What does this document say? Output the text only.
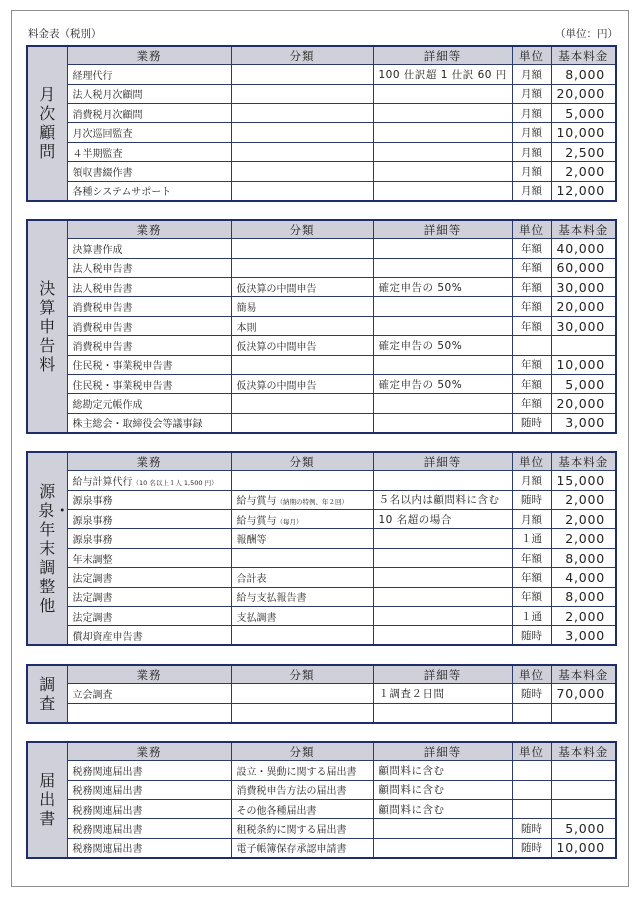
料金表（税別）	（単位：円）
月次顧問	業務	分類	詳細等	単位	基本料金
	経理代行		100 仕訳超 1 仕訳 60 円	月額	8,000
	法人税月次顧問			月額	20,000
	消費税月次顧問			月額	5,000
	月次巡回監査			月額	10,000
	４半期監査			月額	2,500
	領収書綴作書			月額	2,000
	各種システムサポート			月額	12,000
決算申告料	業務	分類	詳細等	単位	基本料金
	決算書作成			年額	40,000
	法人税申告書			年額	60,000
	法人税申告書	仮決算の中間申告	確定申告の 50%	年額	30,000
	消費税申告書	簡易		年額	20,000
	消費税申告書	本則		年額	30,000
	消費税申告書	仮決算の中間申告	確定申告の 50%		
	住民税・事業税申告書			年額	10,000
	住民税・事業税申告書	仮決算の中間申告	確定申告の 50%	年額	5,000
	総勘定元帳作成			年額	20,000
	株主総会・取締役会等議事録			随時	3,000
源泉・年末調整他	業務	分類	詳細等	単位	基本料金
	給与計算代行（10 名以上１人 1,500 円）			月額	15,000
	源泉事務	給与賞与（納期の特例、年２回）	５名以内は顧問料に含む	随時	2,000
	源泉事務	給与賞与（毎月）	10 名超の場合	月額	2,000
	源泉事務	報酬等		１通	2,000
	年末調整			年額	8,000
	法定調書	合計表		年額	4,000
	法定調書	給与支払報告書		年額	8,000
	法定調書	支払調書		１通	2,000
	償却資産申告書			随時	3,000
調査	業務	分類	詳細等	単位	基本料金
	立会調査		１調査２日間	随時	70,000

届出書	業務	分類	詳細等	単位	基本料金
	税務関連届出書	設立・異動に関する届出書	顧問料に含む		
	税務関連届出書	消費税申告方法の届出書	顧問料に含む		
	税務関連届出書	その他各種届出書	顧問料に含む		
	税務関連届出書	租税条約に関する届出書		随時	5,000
	税務関連届出書	電子帳簿保存承認申請書		随時	10,000
